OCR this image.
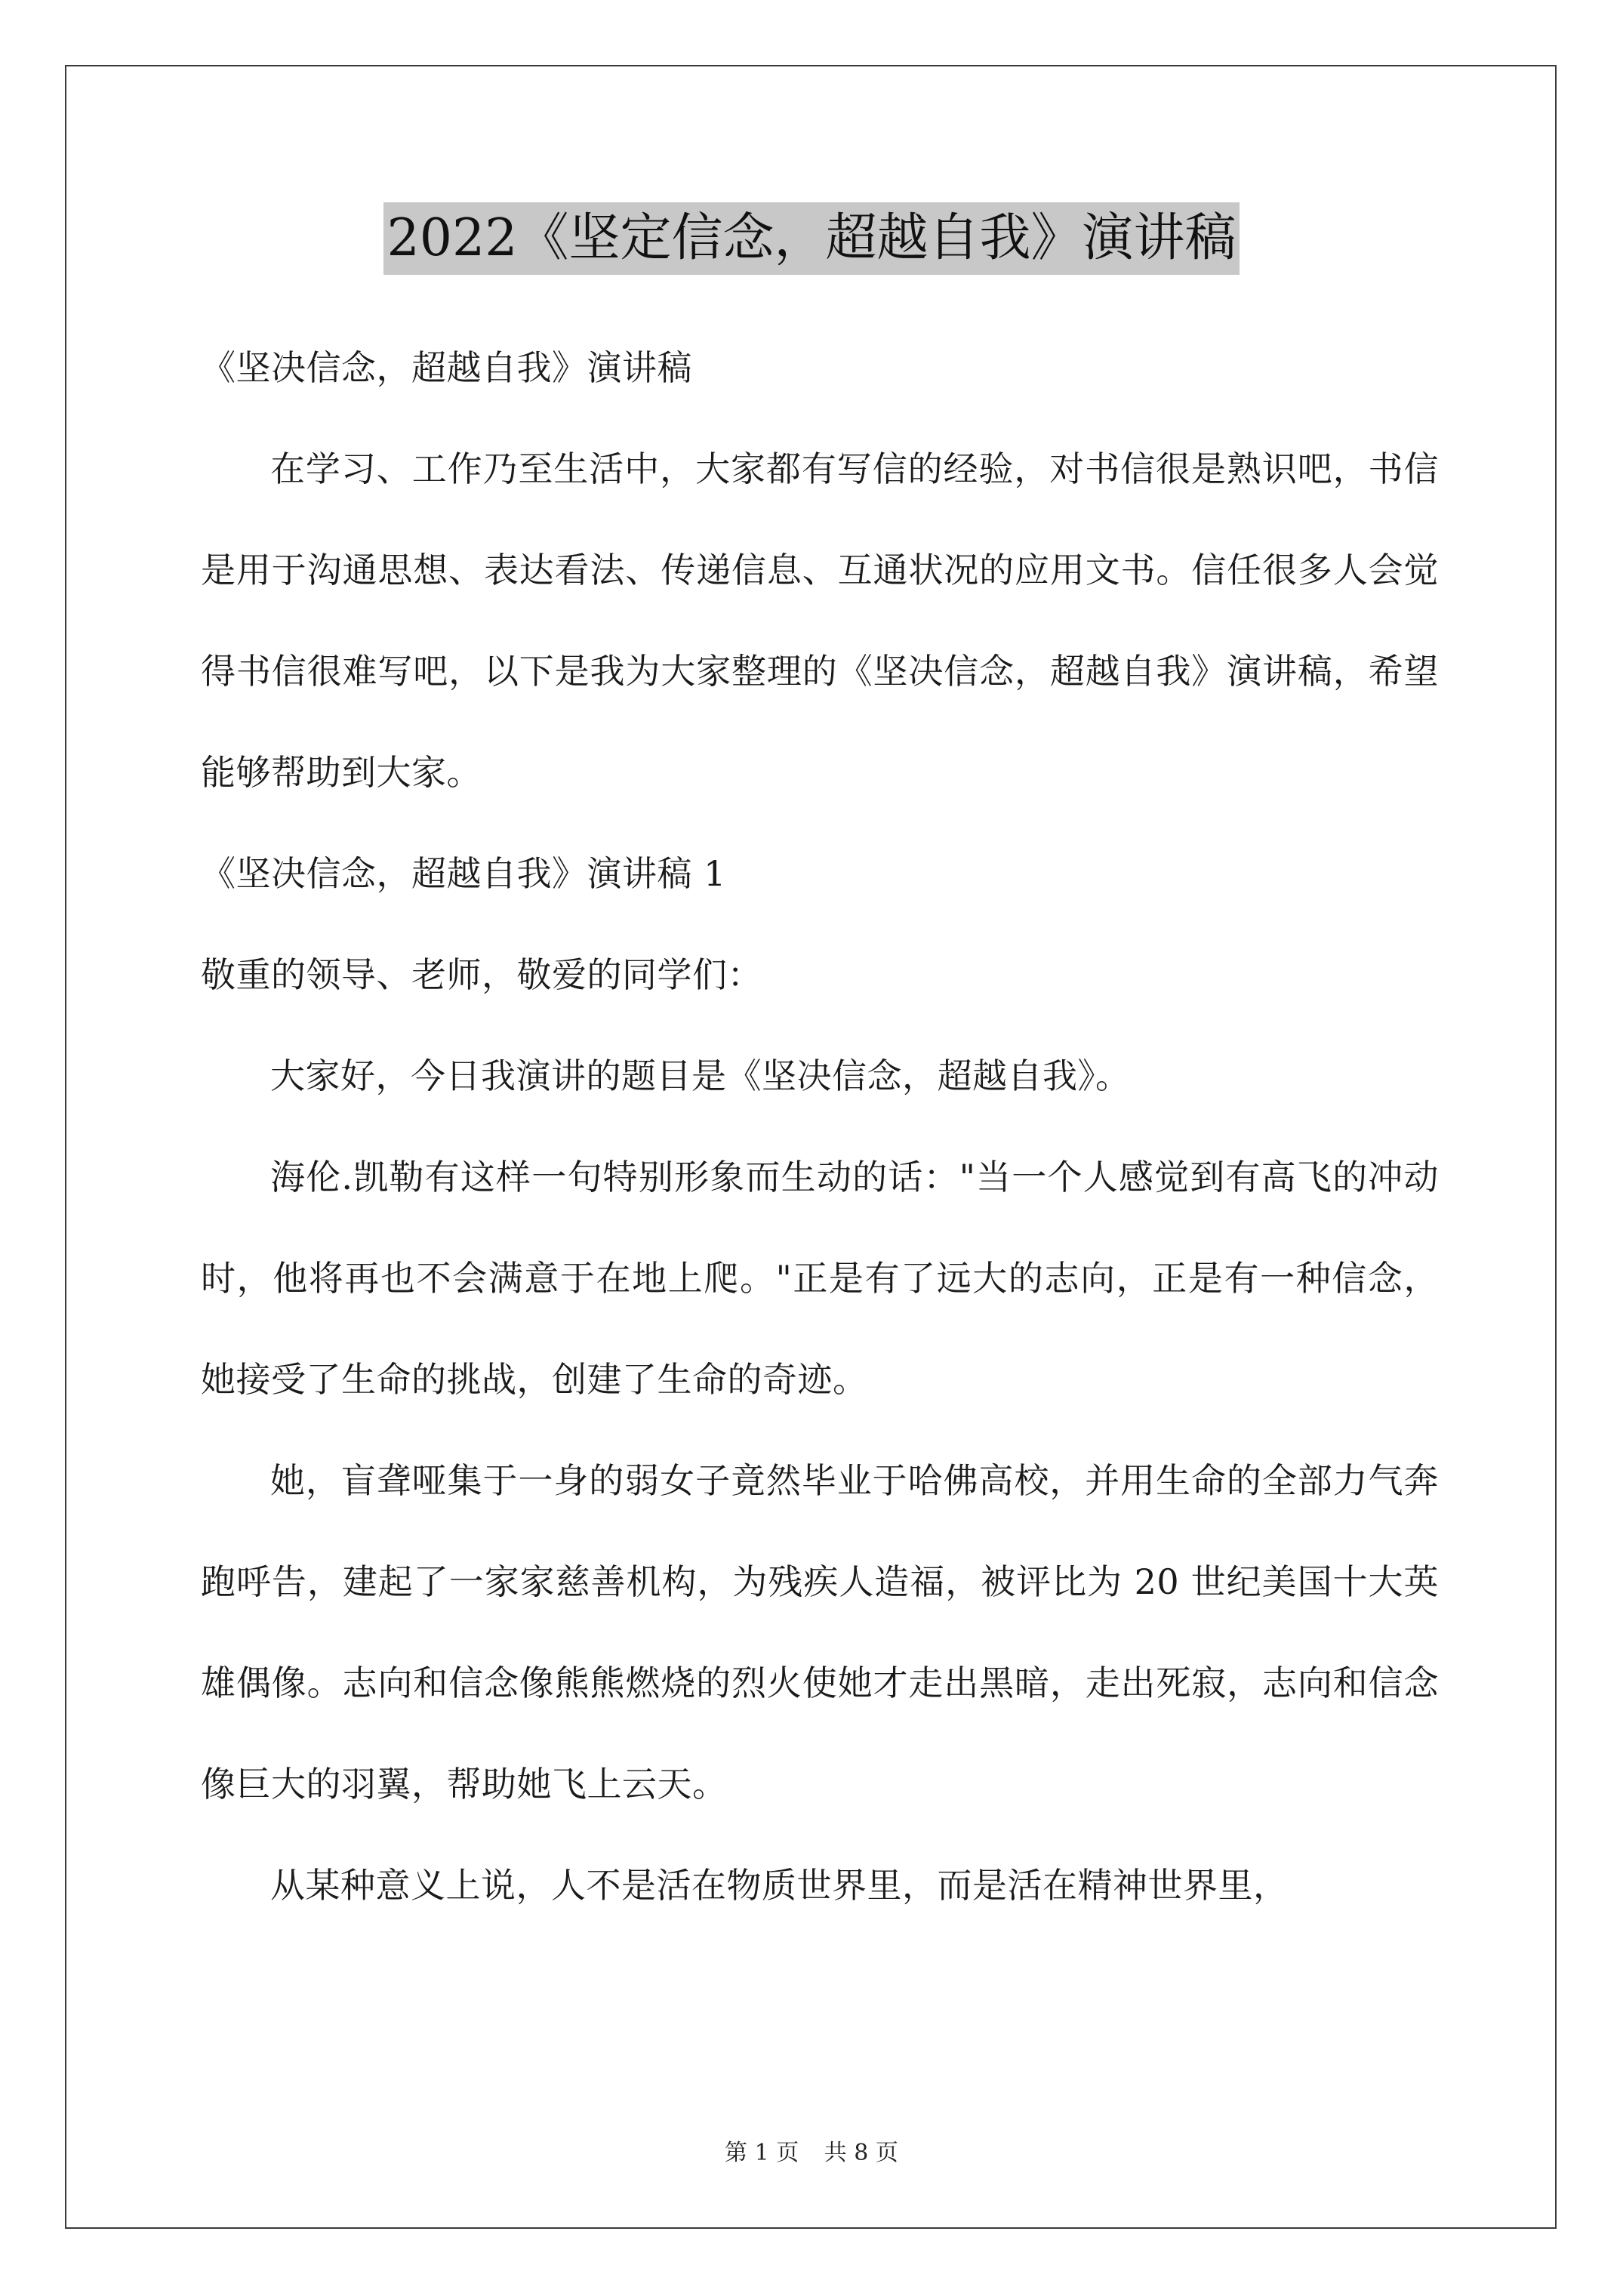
2022《坚定信念，超越自我》演讲稿

《坚决信念，超越自我》演讲稿

在学习、工作乃至生活中，大家都有写信的经验，对书信很是熟识吧，书信是用于沟通思想、表达看法、传递信息、互通状况的应用文书。信任很多人会觉得书信很难写吧，以下是我为大家整理的《坚决信念，超越自我》演讲稿，希望能够帮助到大家。

《坚决信念，超越自我》演讲稿 1

敬重的领导、老师，敬爱的同学们：

大家好，今日我演讲的题目是《坚决信念，超越自我》。

海伦.凯勒有这样一句特别形象而生动的话："当一个人感觉到有高飞的冲动时，他将再也不会满意于在地上爬。"正是有了远大的志向，正是有一种信念，她接受了生命的挑战，创建了生命的奇迹。

她，盲聋哑集于一身的弱女子竟然毕业于哈佛高校，并用生命的全部力气奔跑呼告，建起了一家家慈善机构，为残疾人造福，被评比为 20 世纪美国十大英雄偶像。志向和信念像熊熊燃烧的烈火使她才走出黑暗，走出死寂，志向和信念像巨大的羽翼，帮助她飞上云天。

从某种意义上说，人不是活在物质世界里，而是活在精神世界里，

第 1 页 共 8 页
